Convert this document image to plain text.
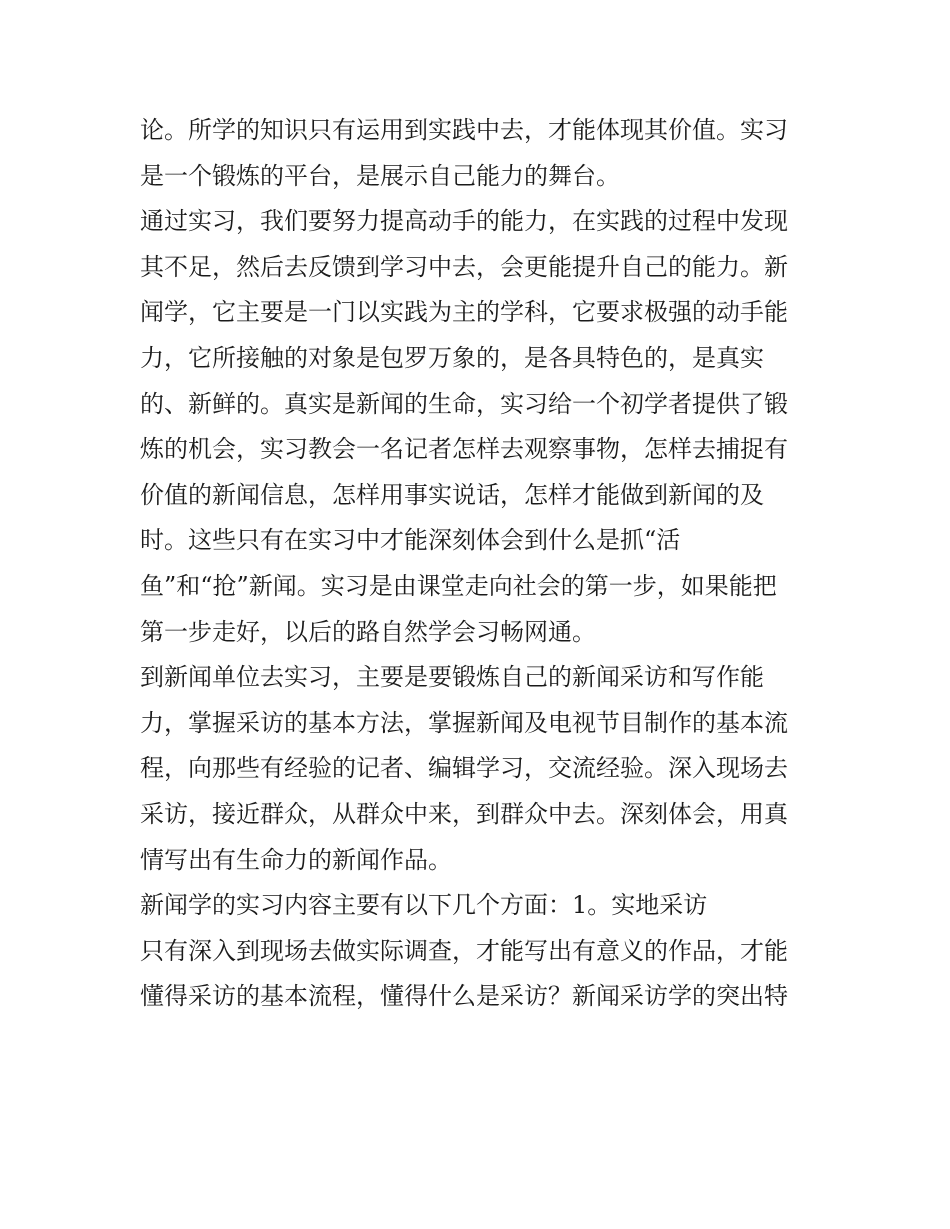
论。所学的知识只有运用到实践中去，才能体现其价值。实习
是一个锻炼的平台，是展示自己能力的舞台。
通过实习，我们要努力提高动手的能力，在实践的过程中发现
其不足，然后去反馈到学习中去，会更能提升自己的能力。新
闻学，它主要是一门以实践为主的学科，它要求极强的动手能
力，它所接触的对象是包罗万象的，是各具特色的，是真实
的、新鲜的。真实是新闻的生命，实习给一个初学者提供了锻
炼的机会，实习教会一名记者怎样去观察事物，怎样去捕捉有
价值的新闻信息，怎样用事实说话，怎样才能做到新闻的及
时。这些只有在实习中才能深刻体会到什么是抓“活
鱼”和“抢”新闻。实习是由课堂走向社会的第一步，如果能把
第一步走好，以后的路自然学会习畅网通。
到新闻单位去实习，主要是要锻炼自己的新闻采访和写作能
力，掌握采访的基本方法，掌握新闻及电视节目制作的基本流
程，向那些有经验的记者、编辑学习，交流经验。深入现场去
采访，接近群众，从群众中来，到群众中去。深刻体会，用真
情写出有生命力的新闻作品。
新闻学的实习内容主要有以下几个方面：1。实地采访
只有深入到现场去做实际调查，才能写出有意义的作品，才能
懂得采访的基本流程，懂得什么是采访？新闻采访学的突出特
